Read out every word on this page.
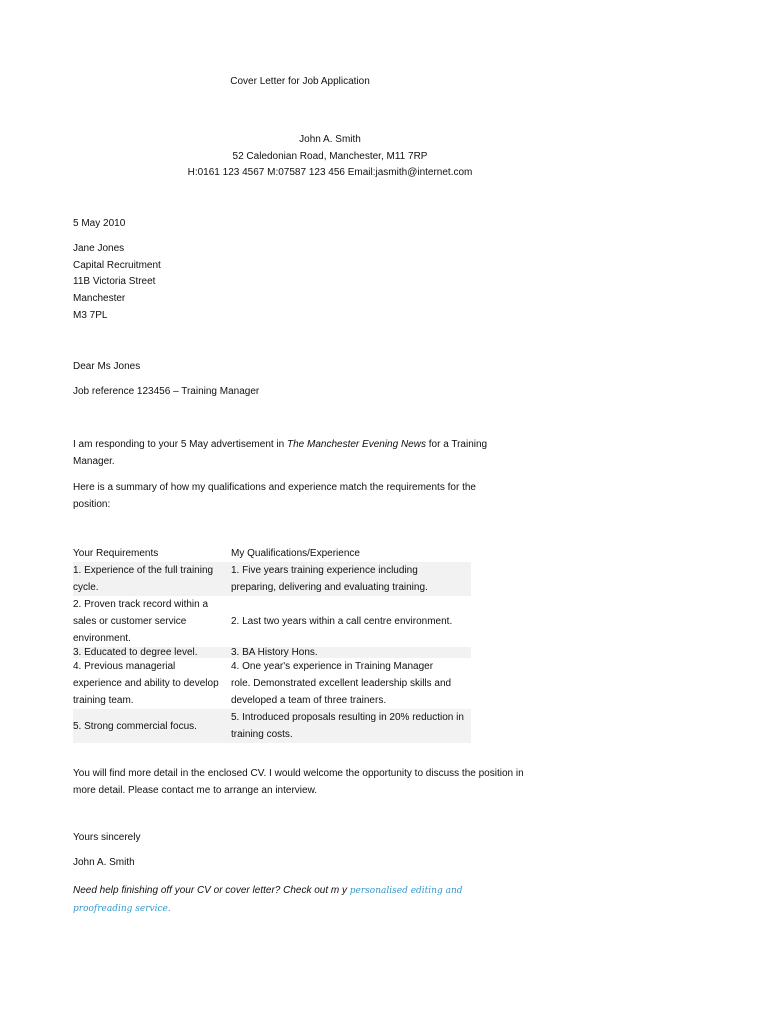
Cover Letter for Job Application
John A. Smith
52 Caledonian Road, Manchester, M11 7RP
H:0161 123 4567 M:07587 123 456 Email:jasmith@internet.com
5 May 2010
Jane Jones
Capital Recruitment
11B Victoria Street
Manchester
M3 7PL
Dear Ms Jones
Job reference 123456 – Training Manager
I am responding to your 5 May advertisement in The Manchester Evening News for a Training Manager.
Here is a summary of how my qualifications and experience match the requirements for the position:
Your Requirements	My Qualifications/Experience
1. Experience of the full training cycle.	1. Five years training experience including preparing, delivering and evaluating training.
2. Proven track record within a sales or customer service environment.	2. Last two years within a call centre environment.
3. Educated to degree level.	3. BA History Hons.
4. Previous managerial experience and ability to develop training team.	4. One year's experience in Training Manager role. Demonstrated excellent leadership skills and developed a team of three trainers.
5. Strong commercial focus.	5. Introduced proposals resulting in 20% reduction in training costs.
You will find more detail in the enclosed CV. I would welcome the opportunity to discuss the position in more detail. Please contact me to arrange an interview.
Yours sincerely
John A. Smith
Need help finishing off your CV or cover letter? Check out m y personalised editing and proofreading service.
